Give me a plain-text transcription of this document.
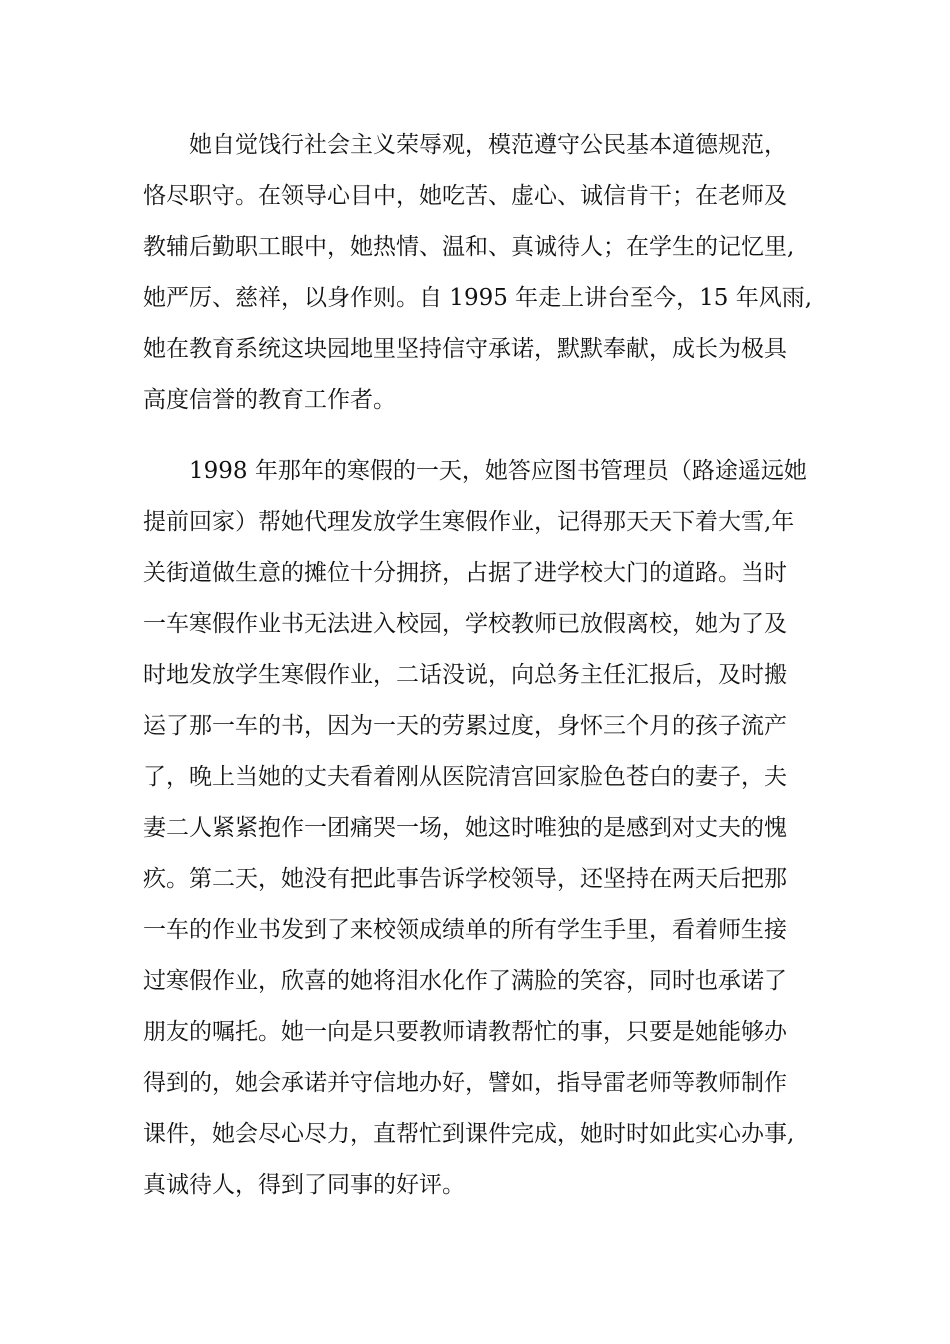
她自觉饯行社会主义荣辱观，模范遵守公民基本道德规范，
恪尽职守。在领导心目中，她吃苦、虚心、诚信肯干；在老师及
教辅后勤职工眼中，她热情、温和、真诚待人；在学生的记忆里,
她严厉、慈祥，以身作则。自 1995 年走上讲台至今，15 年风雨,
她在教育系统这块园地里坚持信守承诺，默默奉献，成长为极具
高度信誉的教育工作者。

1998 年那年的寒假的一天，她答应图书管理员（路途遥远她
提前回家）帮她代理发放学生寒假作业，记得那天天下着大雪,年
关街道做生意的摊位十分拥挤，占据了进学校大门的道路。当时
一车寒假作业书无法进入校园，学校教师已放假离校，她为了及
时地发放学生寒假作业，二话没说，向总务主任汇报后，及时搬
运了那一车的书，因为一天的劳累过度，身怀三个月的孩子流产
了，晚上当她的丈夫看着刚从医院清宫回家脸色苍白的妻子，夫
妻二人紧紧抱作一团痛哭一场，她这时唯独的是感到对丈夫的愧
疚。第二天，她没有把此事告诉学校领导，还坚持在两天后把那
一车的作业书发到了来校领成绩单的所有学生手里，看着师生接
过寒假作业，欣喜的她将泪水化作了满脸的笑容，同时也承诺了
朋友的嘱托。她一向是只要教师请教帮忙的事，只要是她能够办
得到的，她会承诺并守信地办好，譬如，指导雷老师等教师制作
课件，她会尽心尽力，直帮忙到课件完成，她时时如此实心办事,
真诚待人，得到了同事的好评。
